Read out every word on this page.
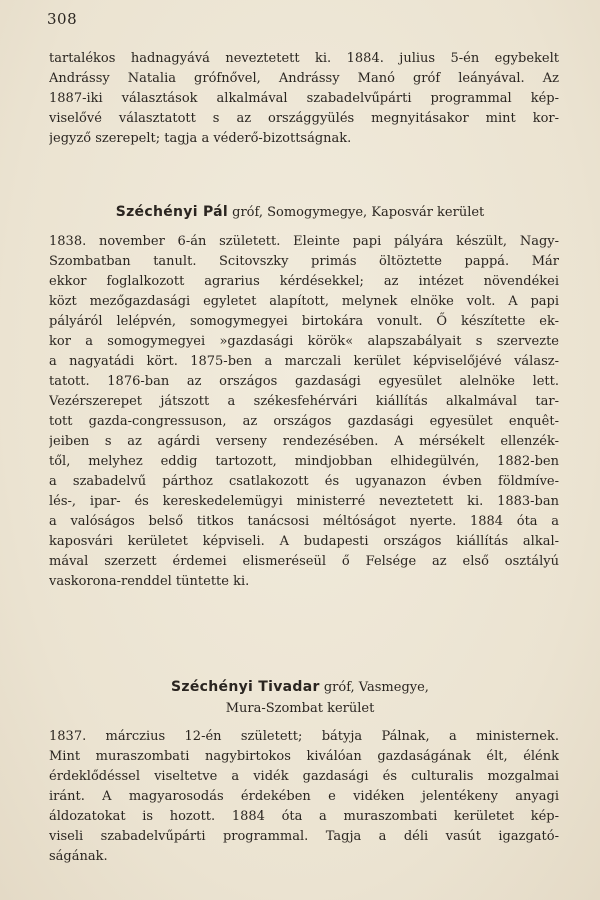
308
tartalékos hadnagyává neveztetett ki. 1884. julius 5-én egybekelt
Andrássy Natalia grófnővel, Andrássy Manó gróf leányával. Az
1887-iki választások alkalmával szabadelvűpárti programmal kép-
viselővé választatott s az országgyülés megnyitásakor mint kor-
jegyző szerepelt; tagja a véderő-bizottságnak.
Széchényi Pál gróf, Somogymegye, Kaposvár kerület
1838. november 6-án született. Eleinte papi pályára készült, Nagy-
Szombatban tanult. Scitovszky primás öltöztette pappá. Már
ekkor foglalkozott agrarius kérdésekkel; az intézet növendékei
közt mezőgazdasági egyletet alapított, melynek elnöke volt. A papi
pályáról lelépvén, somogymegyei birtokára vonult. Ő készítette ek-
kor a somogymegyei »gazdasági körök« alapszabályait s szervezte
a nagyatádi kört. 1875-ben a marczali kerület képviselőjévé válasz-
tatott. 1876-ban az országos gazdasági egyesület alelnöke lett.
Vezérszerepet játszott a székesfehérvári kiállítás alkalmával tar-
tott gazda-congressuson, az országos gazdasági egyesület enquêt-
jeiben s az agárdi verseny rendezésében. A mérsékelt ellenzék-
től, melyhez eddig tartozott, mindjobban elhidegülvén, 1882-ben
a szabadelvű párthoz csatlakozott és ugyanazon évben földmíve-
lés-, ipar- és kereskedelemügyi ministerré neveztetett ki. 1883-ban
a valóságos belső titkos tanácsosi méltóságot nyerte. 1884 óta a
kaposvári kerületet képviseli. A budapesti országos kiállítás alkal-
mával szerzett érdemei elismeréseül ő Felsége az első osztályú
vaskorona-renddel tüntette ki.
Széchényi Tivadar gróf, Vasmegye,
Mura-Szombat kerület
1837. márczius 12-én született; bátyja Pálnak, a ministernek.
Mint muraszombati nagybirtokos kiválóan gazdaságának élt, élénk
érdeklődéssel viseltetve a vidék gazdasági és culturalis mozgalmai
iránt. A magyarosodás érdekében e vidéken jelentékeny anyagi
áldozatokat is hozott. 1884 óta a muraszombati kerületet kép-
viseli szabadelvűpárti programmal. Tagja a déli vasút igazgató-
ságának.
